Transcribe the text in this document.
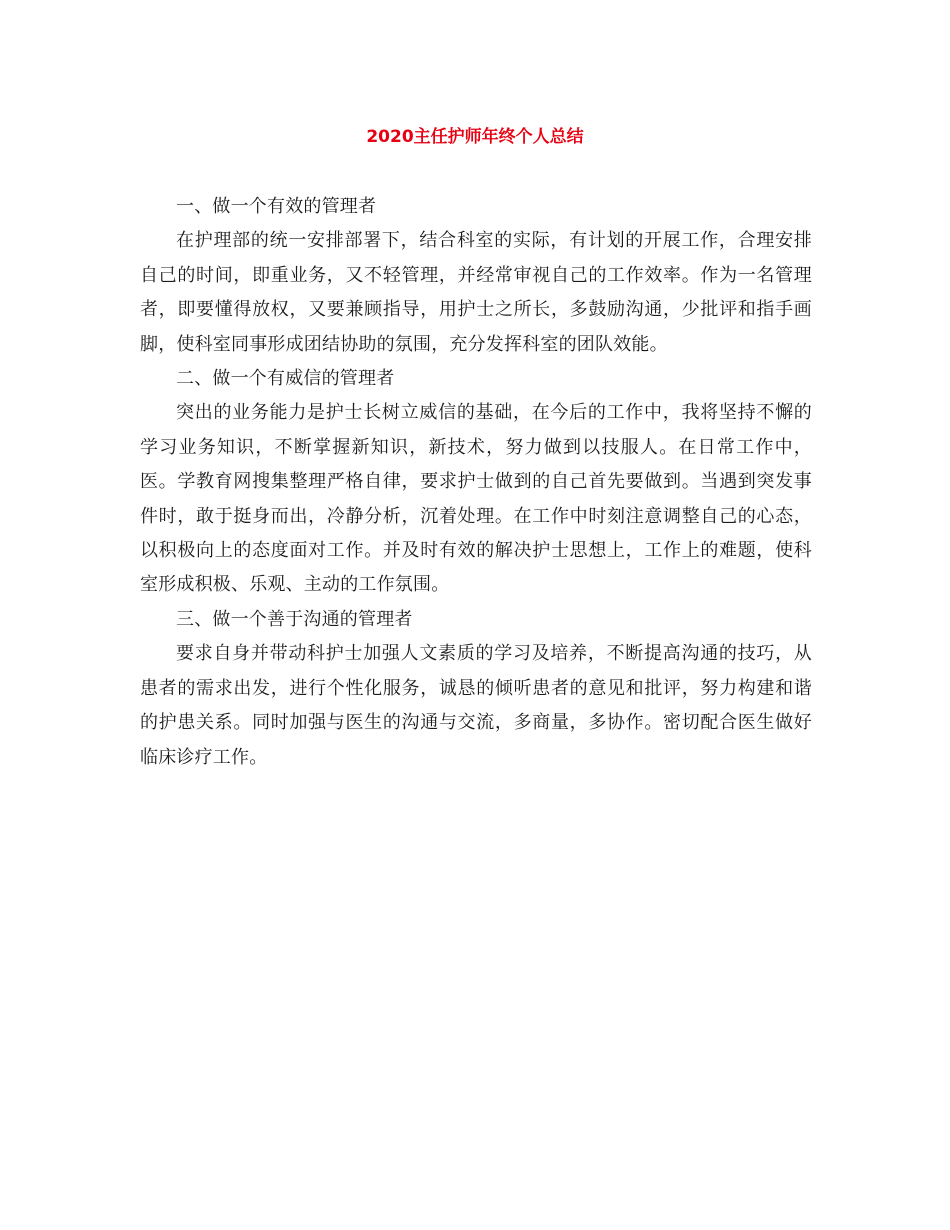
2020主任护师年终个人总结

一、做一个有效的管理者

在护理部的统一安排部署下，结合科室的实际，有计划的开展工作，合理安排自己的时间，即重业务，又不轻管理，并经常审视自己的工作效率。作为一名管理者，即要懂得放权，又要兼顾指导，用护士之所长，多鼓励沟通，少批评和指手画脚，使科室同事形成团结协助的氛围，充分发挥科室的团队效能。

二、做一个有威信的管理者

突出的业务能力是护士长树立威信的基础，在今后的工作中，我将坚持不懈的学习业务知识，不断掌握新知识，新技术，努力做到以技服人。在日常工作中，医。学教育网搜集整理严格自律，要求护士做到的自己首先要做到。当遇到突发事件时，敢于挺身而出，冷静分析，沉着处理。在工作中时刻注意调整自己的心态，以积极向上的态度面对工作。并及时有效的解决护士思想上，工作上的难题，使科室形成积极、乐观、主动的工作氛围。

三、做一个善于沟通的管理者

要求自身并带动科护士加强人文素质的学习及培养，不断提高沟通的技巧，从患者的需求出发，进行个性化服务，诚恳的倾听患者的意见和批评，努力构建和谐的护患关系。同时加强与医生的沟通与交流，多商量，多协作。密切配合医生做好临床诊疗工作。
